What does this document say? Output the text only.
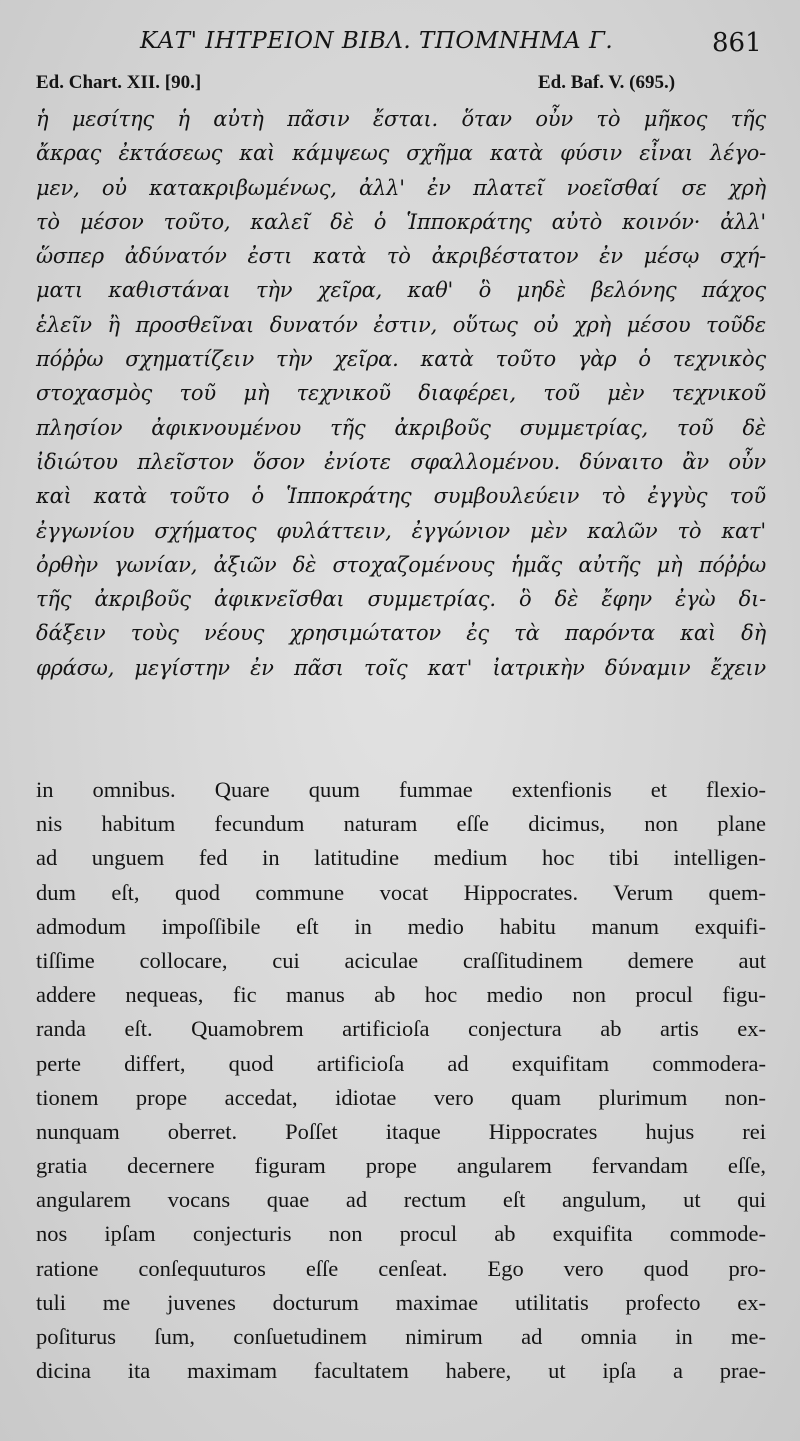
ΚΑΤ' ΙΗΤΡΕΙΟΝ ΒΙΒΛ. ΤΠΟΜΝΗΜΑ Γ.	861
Ed. Chart. XII. [90.]	Ed. Baf. V. (695.)
ἡ μεσίτης ἡ αὐτὴ πᾶσιν ἔσται. ὅταν οὖν τὸ μῆκος τῆς
ἄκρας ἐκτάσεως καὶ κάμψεως σχῆμα κατὰ φύσιν εἶναι λέγο-
μεν, οὐ κατακριβωμένως, ἀλλ' ἐν πλατεῖ νοεῖσθαί σε χρὴ
τὸ μέσον τοῦτο, καλεῖ δὲ ὁ Ἱπποκράτης αὐτὸ κοινόν· ἀλλ'
ὥσπερ ἀδύνατόν ἐστι κατὰ τὸ ἀκριβέστατον ἐν μέσῳ σχή-
ματι καθιστάναι τὴν χεῖρα, καθ' ὃ μηδὲ βελόνης πάχος
ἑλεῖν ἢ προσθεῖναι δυνατόν ἐστιν, οὕτως οὐ χρὴ μέσου τοῦδε
πόῤῥω σχηματίζειν τὴν χεῖρα. κατὰ τοῦτο γὰρ ὁ τεχνικὸς
στοχασμὸς τοῦ μὴ τεχνικοῦ διαφέρει, τοῦ μὲν τεχνικοῦ
πλησίον ἀφικνουμένου τῆς ἀκριβοῦς συμμετρίας, τοῦ δὲ
ἰδιώτου πλεῖστον ὅσον ἐνίοτε σφαλλομένου. δύναιτο ἂν οὖν
καὶ κατὰ τοῦτο ὁ Ἱπποκράτης συμβουλεύειν τὸ ἐγγὺς τοῦ
ἐγγωνίου σχήματος φυλάττειν, ἐγγώνιον μὲν καλῶν τὸ κατ'
ὀρθὴν γωνίαν, ἀξιῶν δὲ στοχαζομένους ἡμᾶς αὐτῆς μὴ πόῤῥω
τῆς ἀκριβοῦς ἀφικνεῖσθαι συμμετρίας. ὃ δὲ ἔφην ἐγὼ δι-
δάξειν τοὺς νέους χρησιμώτατον ἐς τὰ παρόντα καὶ δὴ
φράσω, μεγίστην ἐν πᾶσι τοῖς κατ' ἰατρικὴν δύναμιν ἔχειν
in omnibus. Quare quum fummae extenfionis et flexio-
nis habitum fecundum naturam eſſe dicimus, non plane
ad unguem fed in latitudine medium hoc tibi intelligen-
dum eſt, quod commune vocat Hippocrates. Verum quem-
admodum impoſſibile eſt in medio habitu manum exquifi-
tiſſime collocare, cui aciculae craſſitudinem demere aut
addere nequeas, fic manus ab hoc medio non procul figu-
randa eſt. Quamobrem artificioſa conjectura ab artis ex-
perte differt, quod artificioſa ad exquifitam commodera-
tionem prope accedat, idiotae vero quam plurimum non-
nunquam oberret. Poſſet itaque Hippocrates hujus rei
gratia decernere figuram prope angularem fervandam eſſe,
angularem vocans quae ad rectum eſt angulum, ut qui
nos ipſam conjecturis non procul ab exquifita commode-
ratione conſequuturos eſſe cenſeat. Ego vero quod pro-
tuli me juvenes docturum maximae utilitatis profecto ex-
poſiturus ſum, conſuetudinem nimirum ad omnia in me-
dicina ita maximam facultatem habere, ut ipſa a prae-
